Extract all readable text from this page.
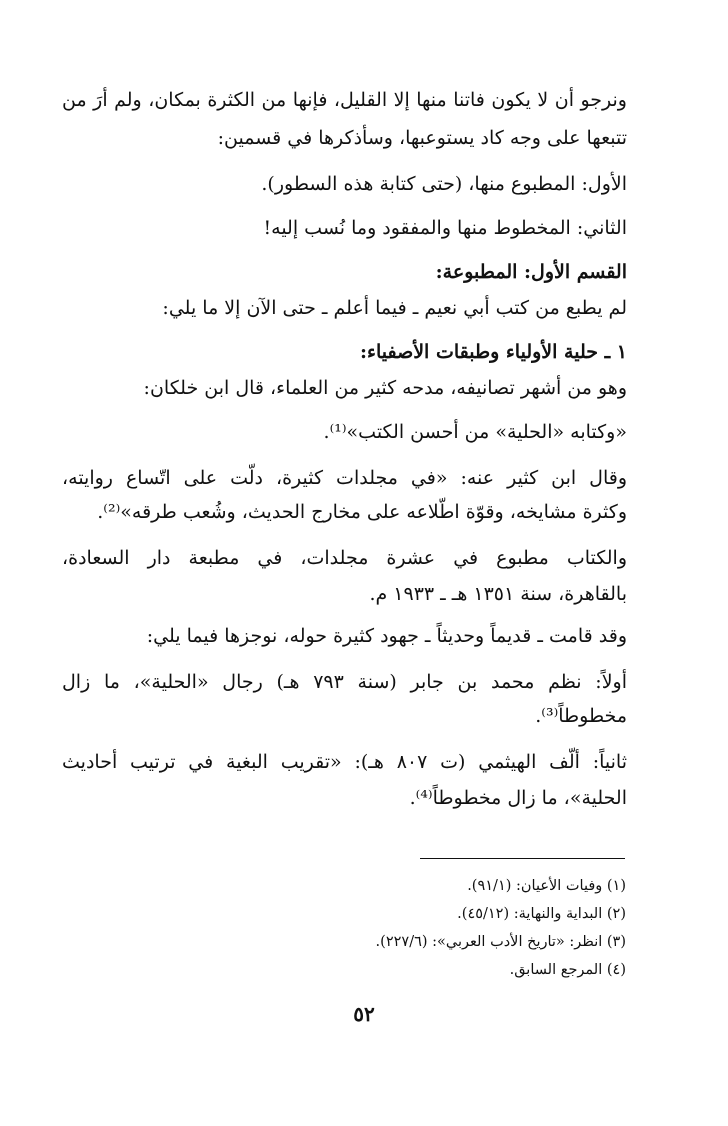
ونرجو أن لا يكون فاتنا منها إلا القليل، فإنها من الكثرة بمكان، ولم أرَ من
تتبعها على وجه كاد يستوعبها، وسأذكرها في قسمين:
الأول: المطبوع منها، (حتى كتابة هذه السطور).
الثاني: المخطوط منها والمفقود وما نُسب إليه!
القسم الأول: المطبوعة:
لم يطبع من كتب أبي نعيم ـ فيما أعلم ـ حتى الآن إلا ما يلي:
١ ـ حلية الأولياء وطبقات الأصفياء:
وهو من أشهر تصانيفه، مدحه كثير من العلماء، قال ابن خلكان:
«وكتابه «الحلية» من أحسن الكتب»⁽¹⁾.
وقال ابن كثير عنه: «في مجلدات كثيرة، دلّت على اتّساع روايته،
وكثرة مشايخه، وقوّة اطّلاعه على مخارج الحديث، وشُعب طرقه»⁽²⁾.
والكتاب مطبوع في عشرة مجلدات، في مطبعة دار السعادة،
بالقاهرة، سنة ١٣٥١ هـ ـ ١٩٣٣ م.
وقد قامت ـ قديماً وحديثاً ـ جهود كثيرة حوله، نوجزها فيما يلي:
أولاً: نظم محمد بن جابر (سنة ٧٩٣ هـ) رجال «الحلية»، ما زال
مخطوطاً⁽³⁾.
ثانياً: ألّف الهيثمي (ت ٨٠٧ هـ): «تقريب البغية في ترتيب أحاديث
الحلية»، ما زال مخطوطاً⁽⁴⁾.
(١) وفيات الأعيان: (٩١/١).
(٢) البداية والنهاية: (٤٥/١٢).
(٣) انظر: «تاريخ الأدب العربي»: (٢٢٧/٦).
(٤) المرجع السابق.
٥٢
